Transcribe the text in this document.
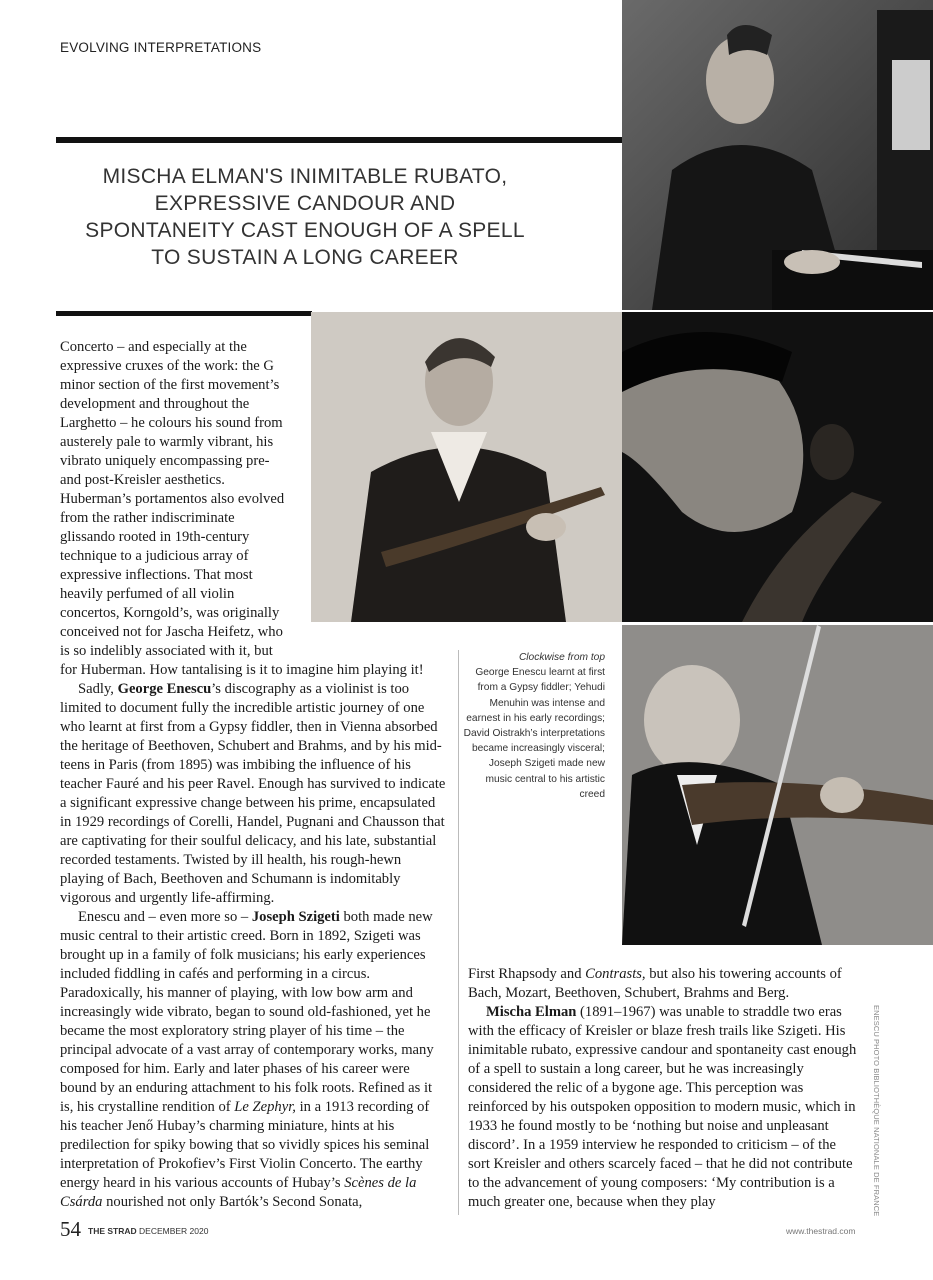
EVOLVING INTERPRETATIONS
MISCHA ELMAN'S INIMITABLE RUBATO, EXPRESSIVE CANDOUR AND SPONTANEITY CAST ENOUGH OF A SPELL TO SUSTAIN A LONG CAREER

Concerto – and especially at the expressive cruxes of the work: the G minor section of the first movement’s development and throughout the Larghetto – he colours his sound from austerely pale to warmly vibrant, his vibrato uniquely encompassing pre- and post-Kreisler aesthetics. Huberman’s portamentos also evolved from the rather indiscriminate glissando rooted in 19th-century technique to a judicious array of expressive inflections. That most heavily perfumed of all violin concertos, Korngold’s, was originally conceived not for Jascha Heifetz, who is so indelibly associated with it, but for Huberman. How tantalising is it to imagine him playing it!

Sadly, George Enescu’s discography as a violinist is too limited to document fully the incredible artistic journey of one who learnt at first from a Gypsy fiddler, then in Vienna absorbed the heritage of Beethoven, Schubert and Brahms, and by his mid-teens in Paris (from 1895) was imbibing the influence of his teacher Fauré and his peer Ravel. Enough has survived to indicate a significant expressive change between his prime, encapsulated in 1929 recordings of Corelli, Handel, Pugnani and Chausson that are captivating for their soulful delicacy, and his late, substantial recorded testaments. Twisted by ill health, his rough-hewn playing of Bach, Beethoven and Schumann is indomitably vigorous and urgently life-affirming.

Enescu and – even more so – Joseph Szigeti both made new music central to their artistic creed. Born in 1892, Szigeti was brought up in a family of folk musicians; his early experiences included fiddling in cafés and performing in a circus. Paradoxically, his manner of playing, with low bow arm and increasingly wide vibrato, began to sound old-fashioned, yet he became the most exploratory string player of his time – the principal advocate of a vast array of contemporary works, many composed for him. Early and later phases of his career were bound by an enduring attachment to his folk roots. Refined as it is, his crystalline rendition of Le Zephyr, in a 1913 recording of his teacher Jenő Hubay’s charming miniature, hints at his predilection for spiky bowing that so vividly spices his seminal interpretation of Prokofiev’s First Violin Concerto. The earthy energy heard in his various accounts of Hubay’s Scènes de la Csárda nourished not only Bartók’s Second Sonata,

Clockwise from top
George Enescu learnt at first from a Gypsy fiddler; Yehudi Menuhin was intense and earnest in his early recordings; David Oistrakh’s interpretations became increasingly visceral; Joseph Szigeti made new music central to his artistic creed

First Rhapsody and Contrasts, but also his towering accounts of Bach, Mozart, Beethoven, Schubert, Brahms and Berg.

Mischa Elman (1891–1967) was unable to straddle two eras with the efficacy of Kreisler or blaze fresh trails like Szigeti. His inimitable rubato, expressive candour and spontaneity cast enough of a spell to sustain a long career, but he was increasingly considered the relic of a bygone age. This perception was reinforced by his outspoken opposition to modern music, which in 1933 he found mostly to be ‘nothing but noise and unpleasant discord’. In a 1959 interview he responded to criticism – of the sort Kreisler and others scarcely faced – that he did not contribute to the advancement of young composers: ‘My contribution is a much greater one, because when they play	ENESCU PHOTO BIBLIOTHÈQUE NATIONALE DE FRANCE
54 THE STRAD DECEMBER 2020	www.thestrad.com
